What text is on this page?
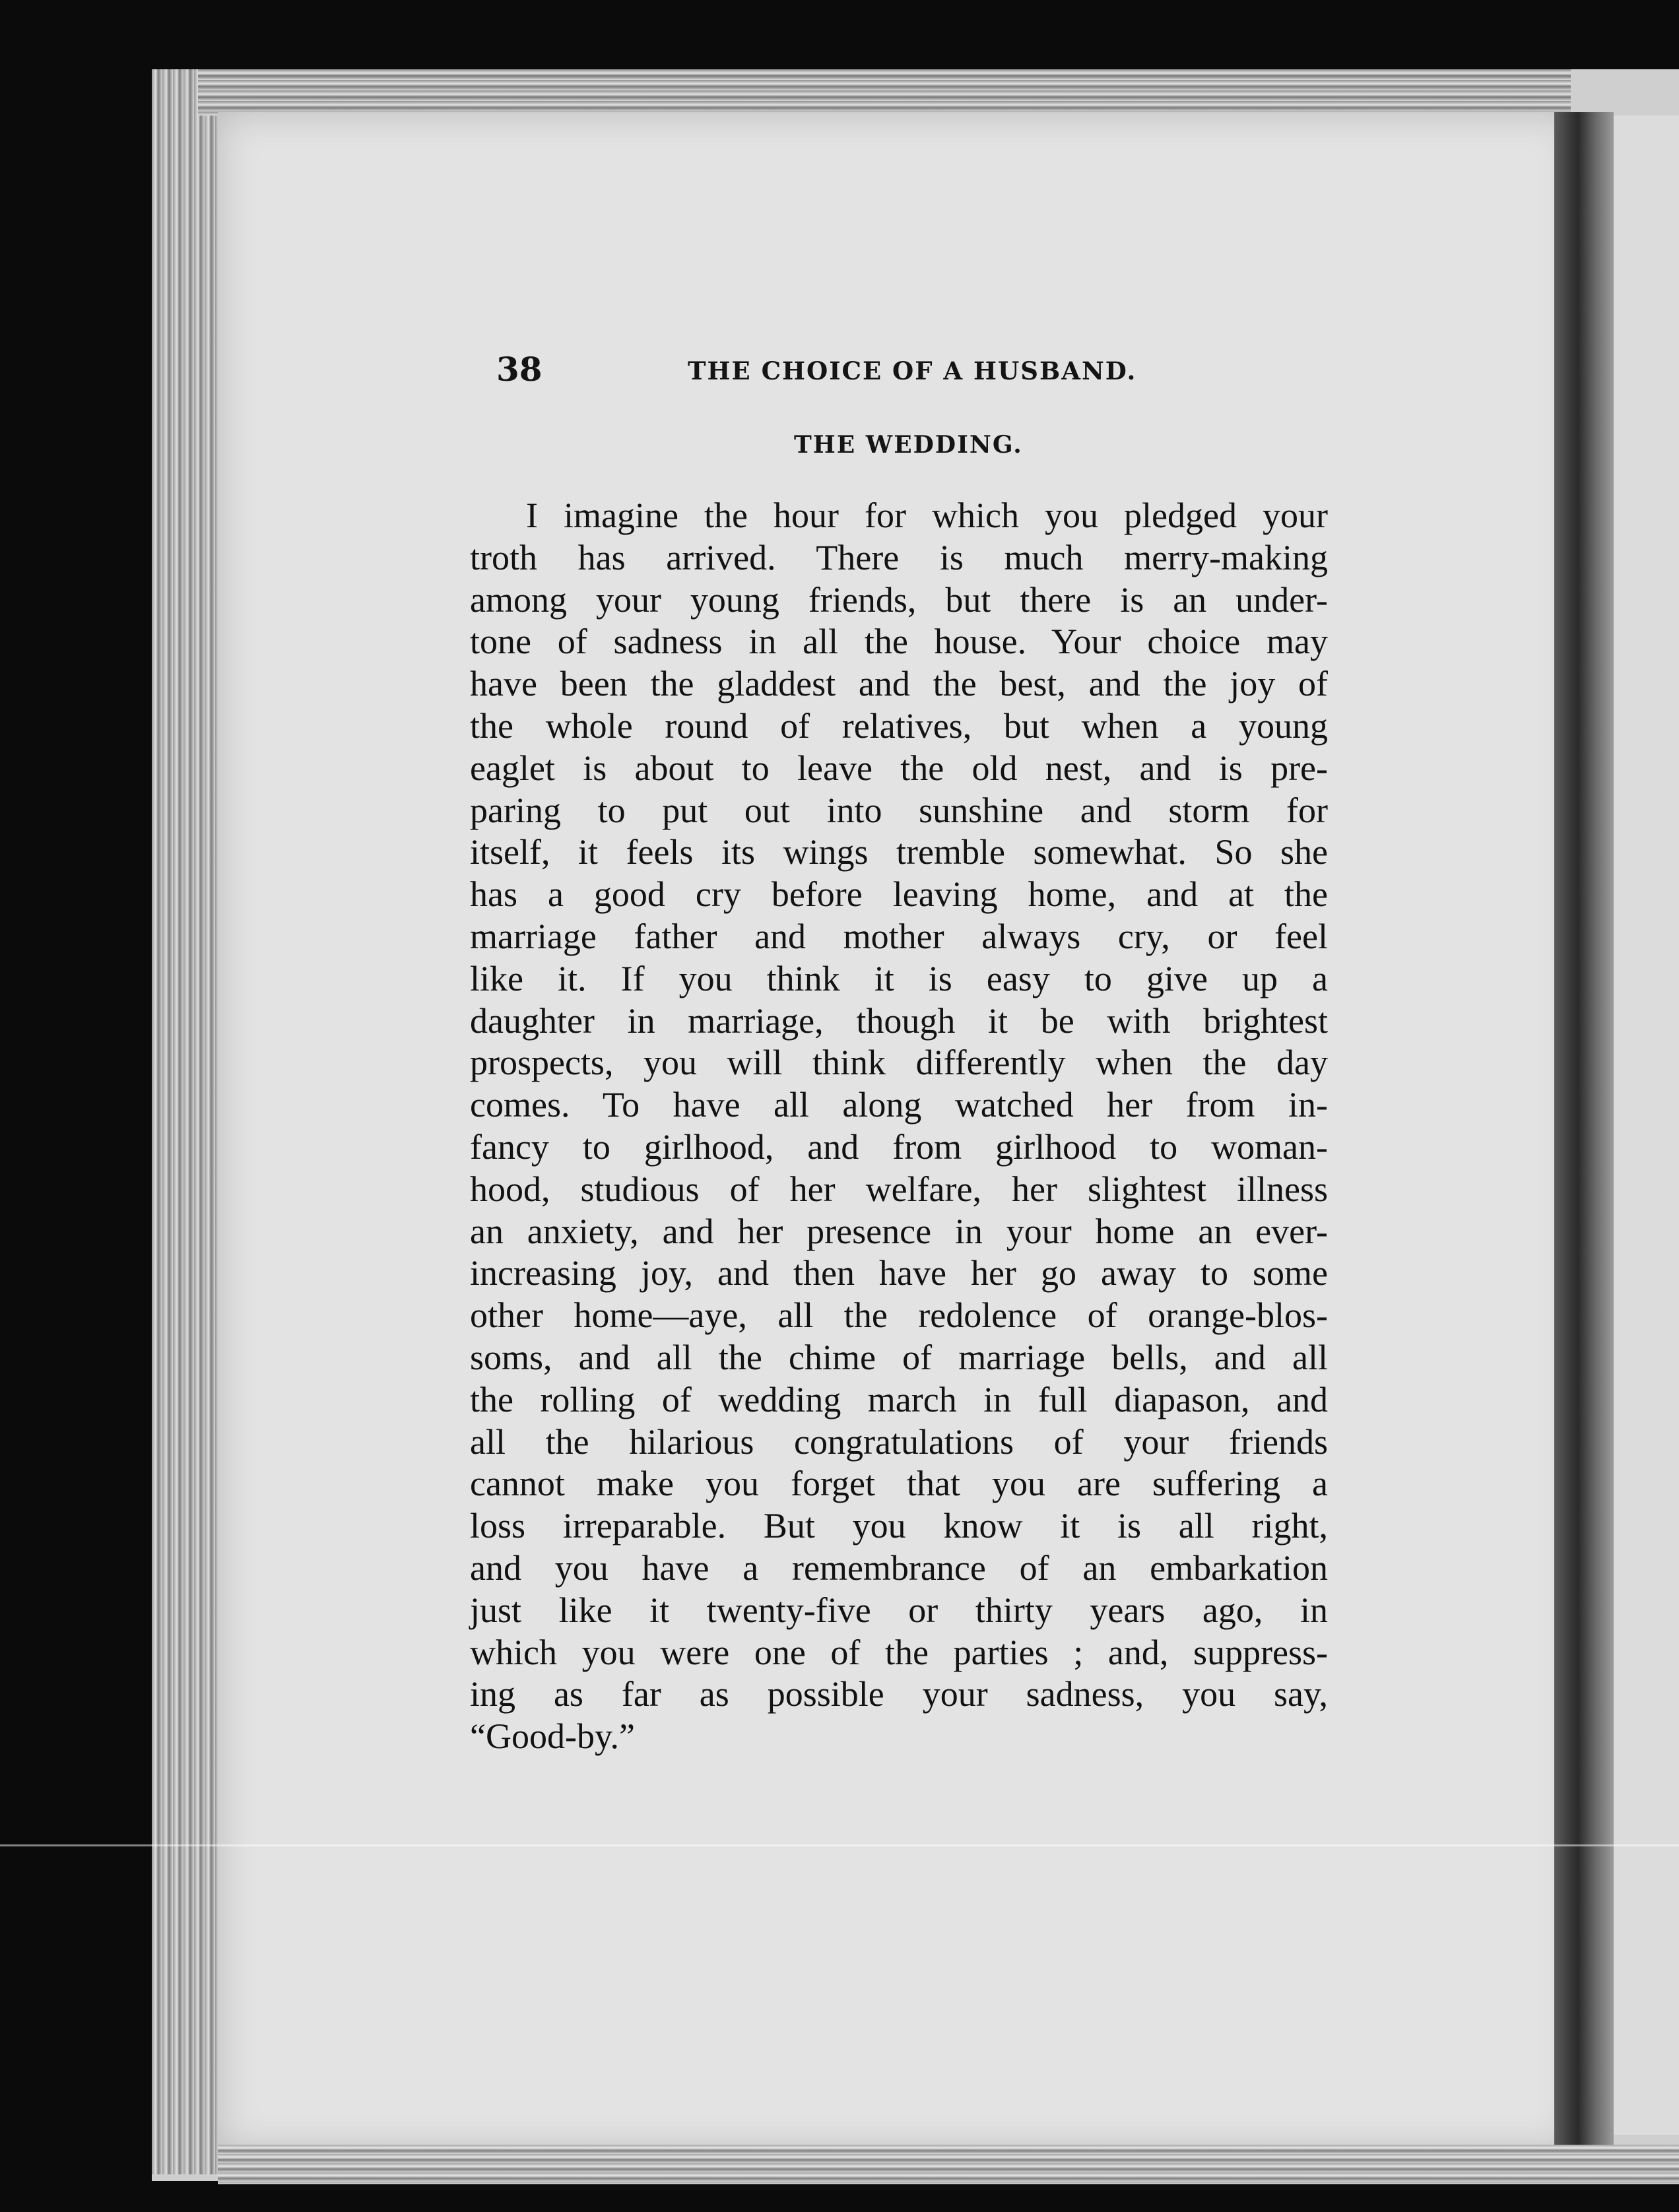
38	THE CHOICE OF A HUSBAND.
THE WEDDING.
I imagine the hour for which you pledged your
troth has arrived. There is much merry-making
among your young friends, but there is an under-
tone of sadness in all the house. Your choice may
have been the gladdest and the best, and the joy of
the whole round of relatives, but when a young
eaglet is about to leave the old nest, and is pre-
paring to put out into sunshine and storm for
itself, it feels its wings tremble somewhat. So she
has a good cry before leaving home, and at the
marriage father and mother always cry, or feel
like it. If you think it is easy to give up a
daughter in marriage, though it be with brightest
prospects, you will think differently when the day
comes. To have all along watched her from in-
fancy to girlhood, and from girlhood to woman-
hood, studious of her welfare, her slightest illness
an anxiety, and her presence in your home an ever-
increasing joy, and then have her go away to some
other home—aye, all the redolence of orange-blos-
soms, and all the chime of marriage bells, and all
the rolling of wedding march in full diapason, and
all the hilarious congratulations of your friends
cannot make you forget that you are suffering a
loss irreparable. But you know it is all right,
and you have a remembrance of an embarkation
just like it twenty-five or thirty years ago, in
which you were one of the parties ; and, suppress-
ing as far as possible your sadness, you say,
“Good-by.”
